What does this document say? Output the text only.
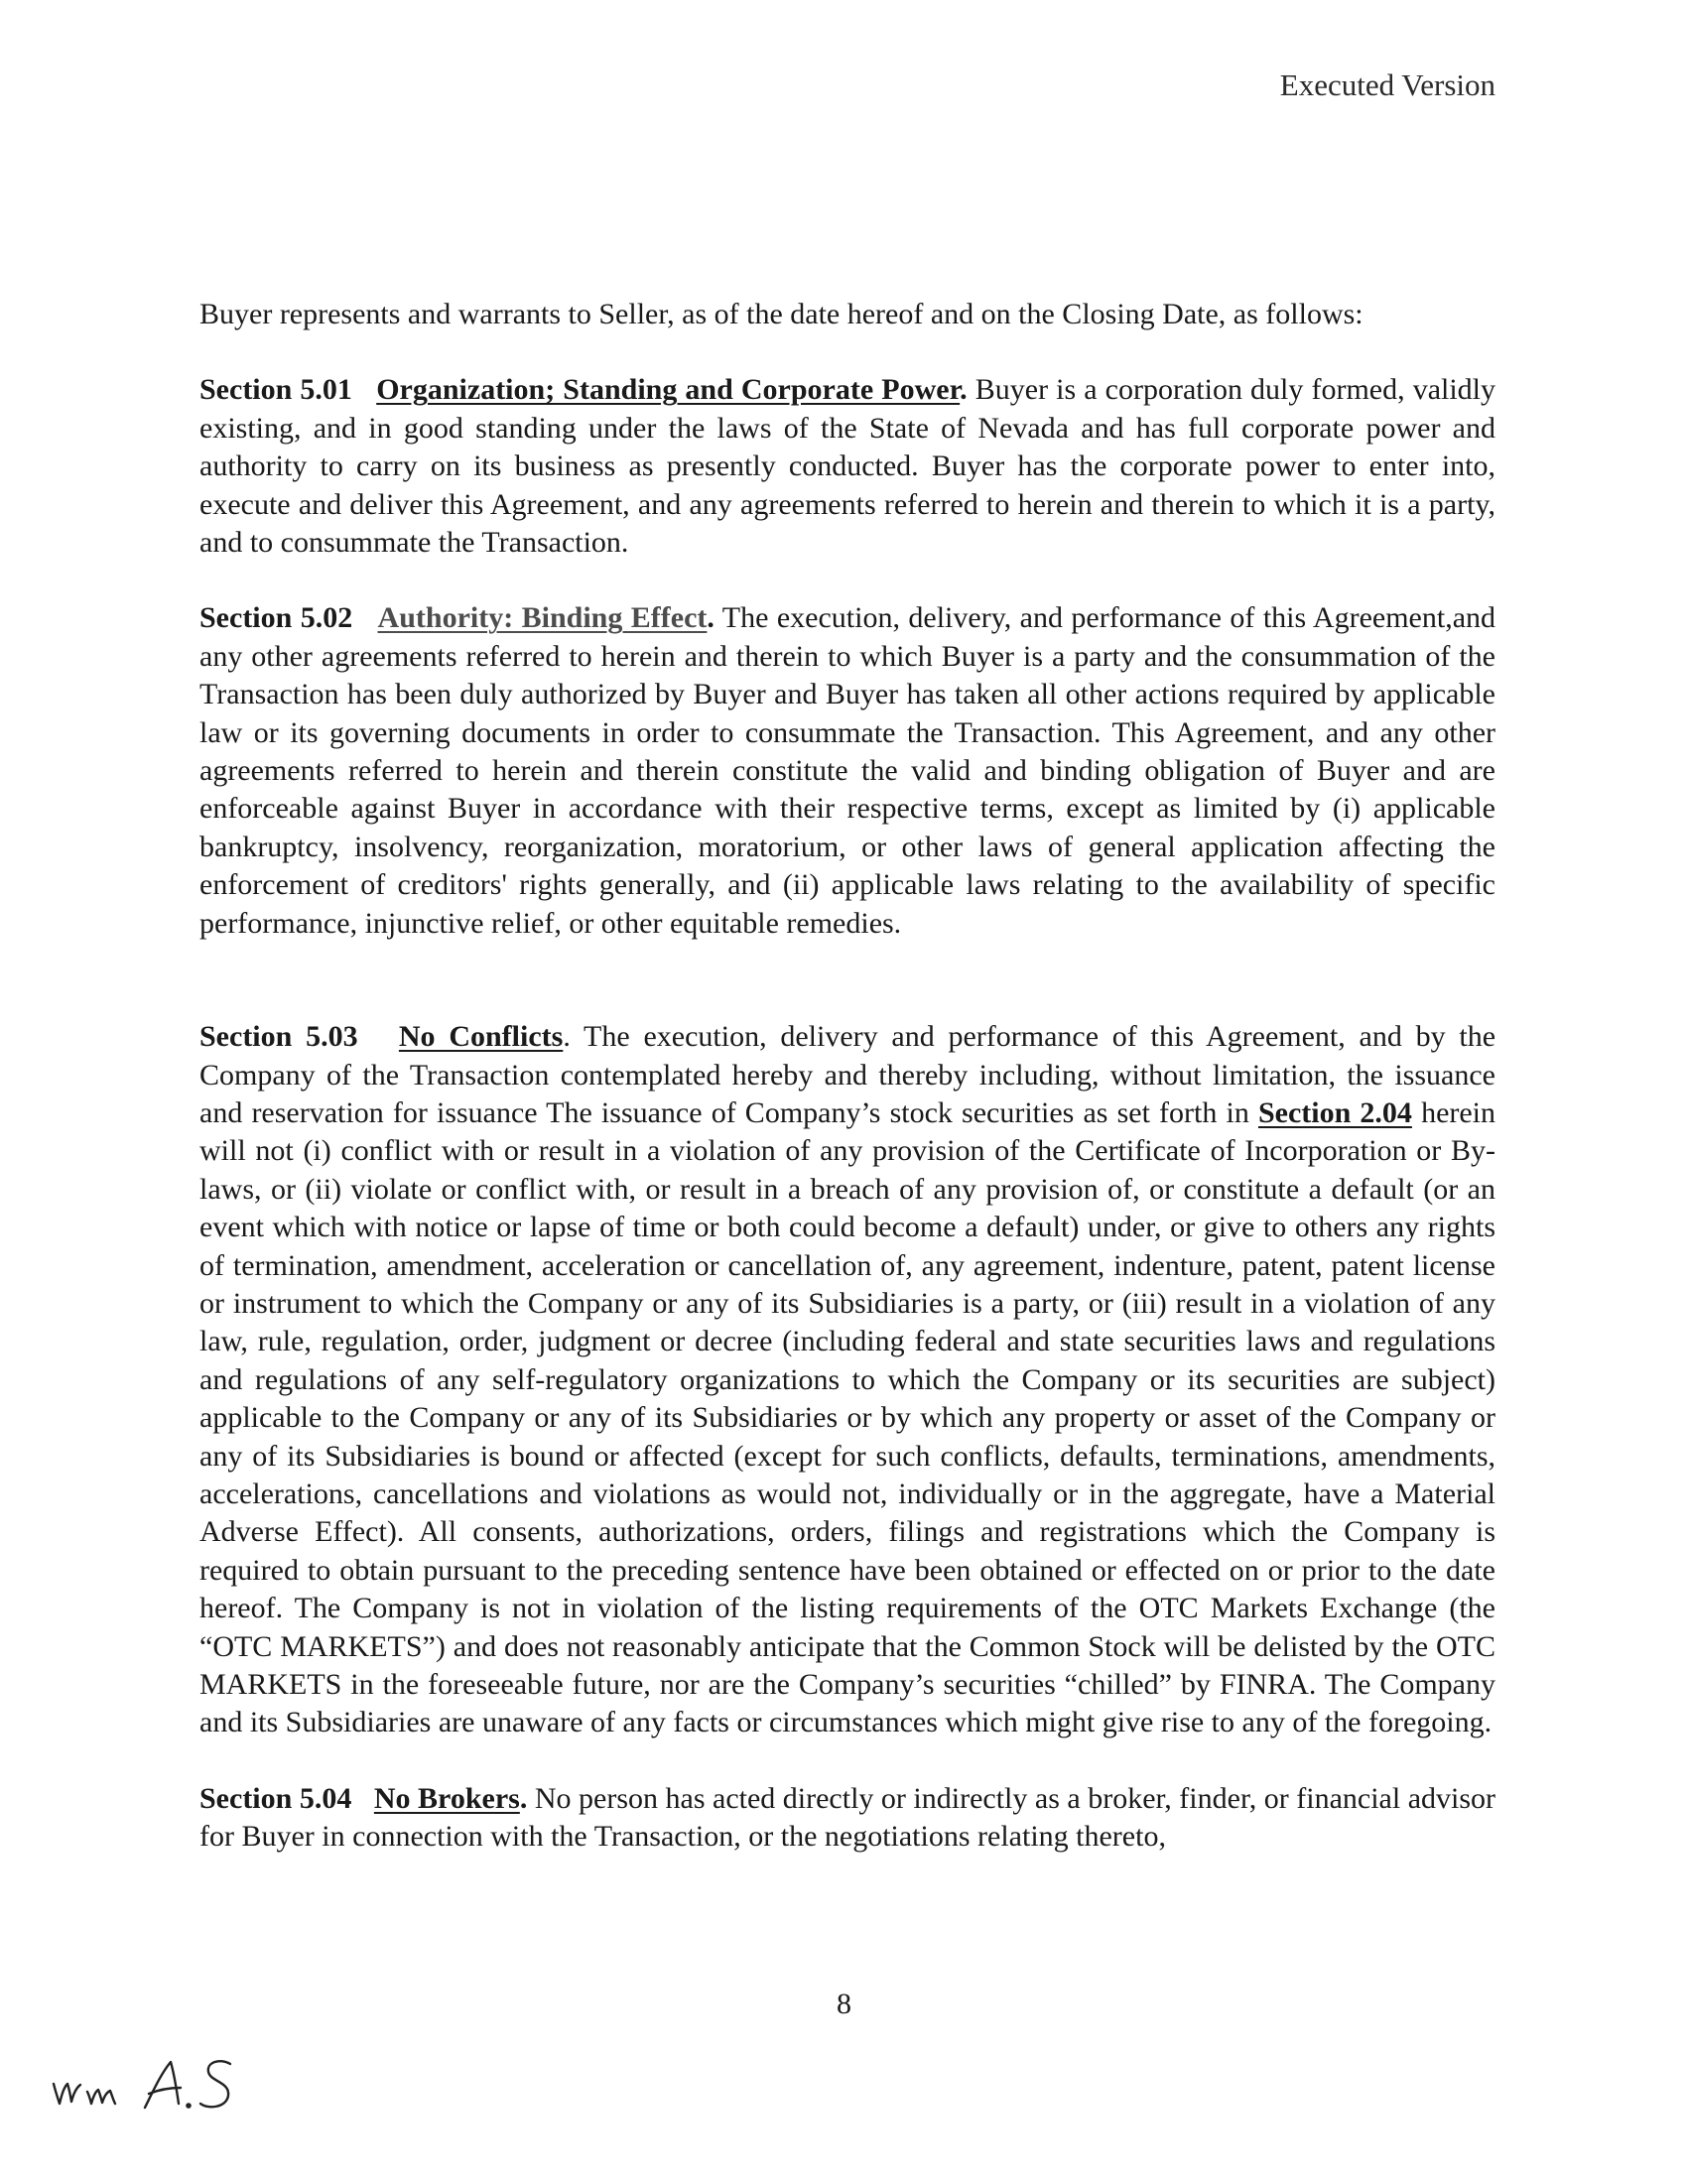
Executed Version

Buyer represents and warrants to Seller, as of the date hereof and on the Closing Date, as follows:

Section 5.01 Organization; Standing and Corporate Power. Buyer is a corporation duly formed, validly existing, and in good standing under the laws of the State of Nevada and has full corporate power and authority to carry on its business as presently conducted. Buyer has the corporate power to enter into, execute and deliver this Agreement, and any agreements referred to herein and therein to which it is a party, and to consummate the Transaction.

Section 5.02 Authority: Binding Effect. The execution, delivery, and performance of this Agreement,and any other agreements referred to herein and therein to which Buyer is a party and the consummation of the Transaction has been duly authorized by Buyer and Buyer has taken all other actions required by applicable law or its governing documents in order to consummate the Transaction. This Agreement, and any other agreements referred to herein and therein constitute the valid and binding obligation of Buyer and are enforceable against Buyer in accordance with their respective terms, except as limited by (i) applicable bankruptcy, insolvency, reorganization, moratorium, or other laws of general application affecting the enforcement of creditors' rights generally, and (ii) applicable laws relating to the availability of specific performance, injunctive relief, or other equitable remedies.

Section 5.03 No Conflicts. The execution, delivery and performance of this Agreement, and by the Company of the Transaction contemplated hereby and thereby including, without limitation, the issuance and reservation for issuance The issuance of Company’s stock securities as set forth in Section 2.04 herein will not (i) conflict with or result in a violation of any provision of the Certificate of Incorporation or By-laws, or (ii) violate or conflict with, or result in a breach of any provision of, or constitute a default (or an event which with notice or lapse of time or both could become a default) under, or give to others any rights of termination, amendment, acceleration or cancellation of, any agreement, indenture, patent, patent license or instrument to which the Company or any of its Subsidiaries is a party, or (iii) result in a violation of any law, rule, regulation, order, judgment or decree (including federal and state securities laws and regulations and regulations of any self-regulatory organizations to which the Company or its securities are subject) applicable to the Company or any of its Subsidiaries or by which any property or asset of the Company or any of its Subsidiaries is bound or affected (except for such conflicts, defaults, terminations, amendments, accelerations, cancellations and violations as would not, individually or in the aggregate, have a Material Adverse Effect). All consents, authorizations, orders, filings and registrations which the Company is required to obtain pursuant to the preceding sentence have been obtained or effected on or prior to the date hereof. The Company is not in violation of the listing requirements of the OTC Markets Exchange (the “OTC MARKETS”) and does not reasonably anticipate that the Common Stock will be delisted by the OTC MARKETS in the foreseeable future, nor are the Company’s securities “chilled” by FINRA. The Company and its Subsidiaries are unaware of any facts or circumstances which might give rise to any of the foregoing.

Section 5.04 No Brokers. No person has acted directly or indirectly as a broker, finder, or financial advisor for Buyer in connection with the Transaction, or the negotiations relating thereto,

8
